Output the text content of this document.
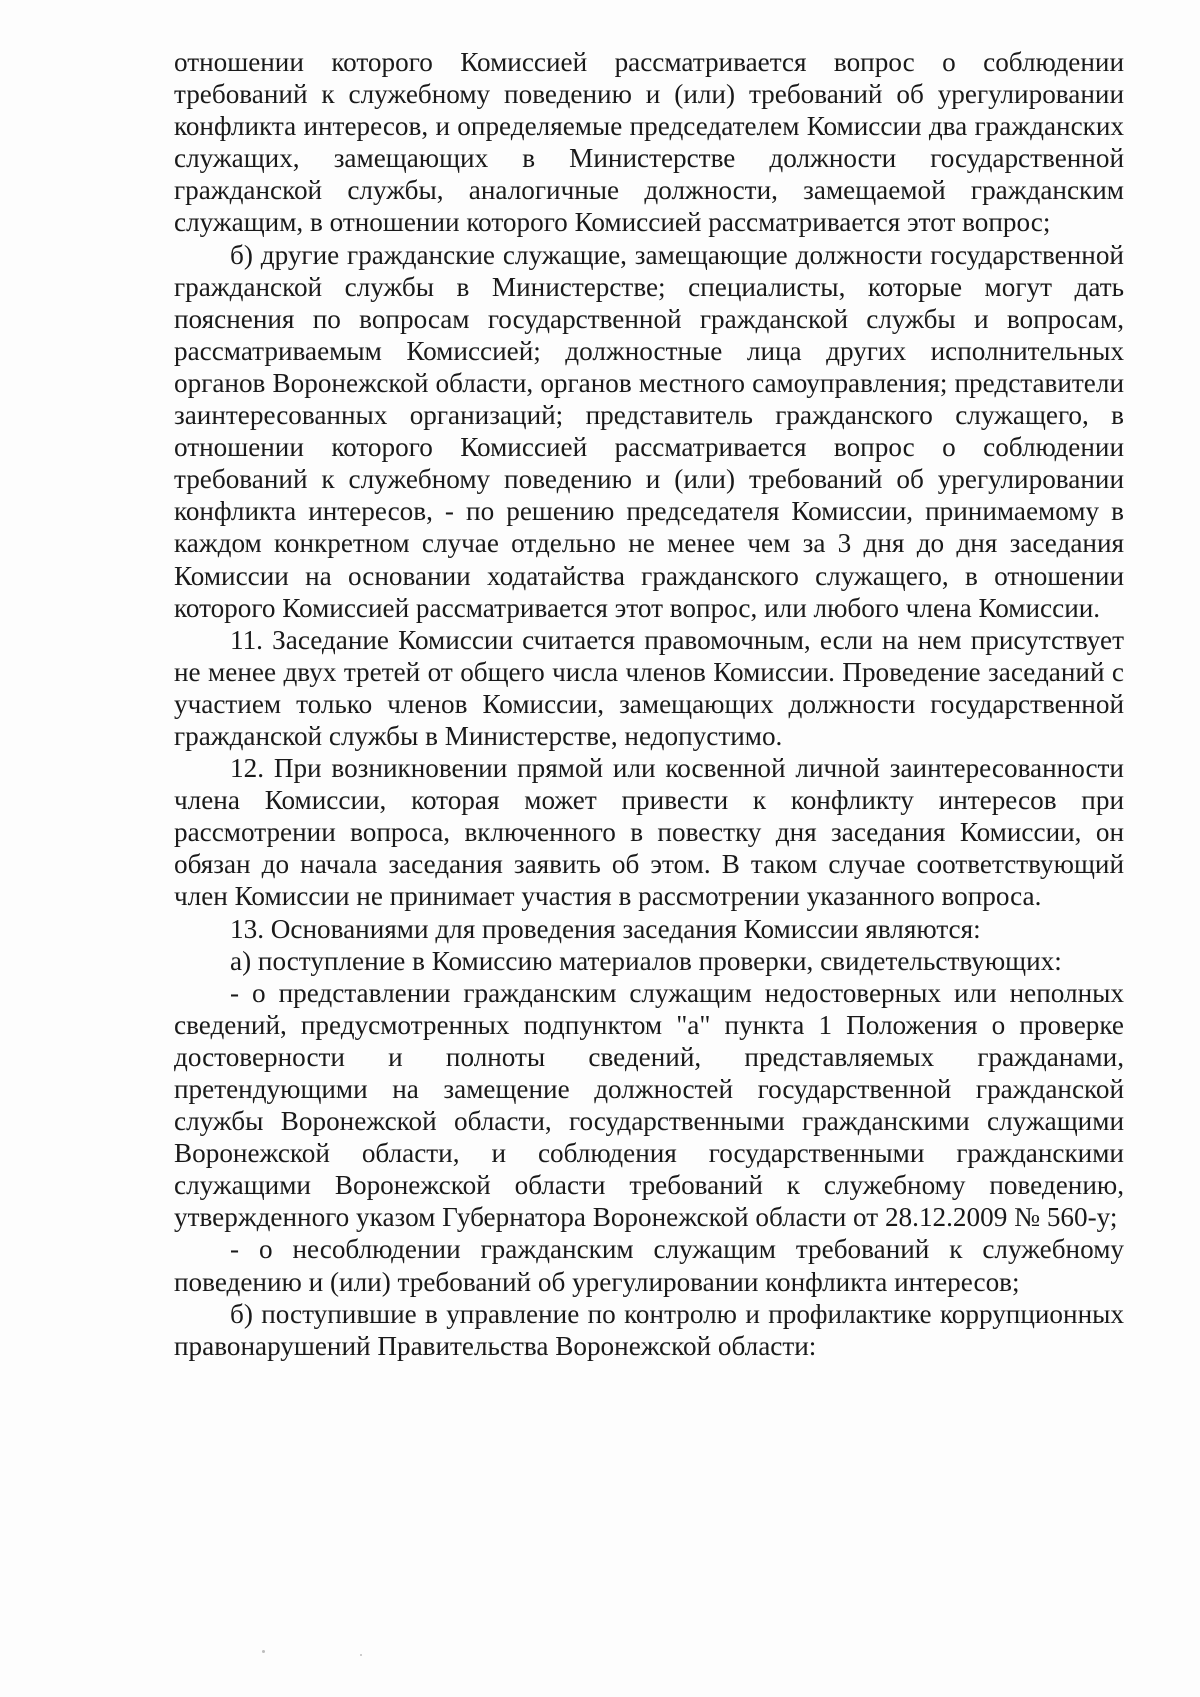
отношении которого Комиссией рассматривается вопрос о соблюдении требований к служебному поведению и (или) требований об урегулировании конфликта интересов, и определяемые председателем Комиссии два гражданских служащих, замещающих в Министерстве должности государственной гражданской службы, аналогичные должности, замещаемой гражданским служащим, в отношении которого Комиссией рассматривается этот вопрос;

б) другие гражданские служащие, замещающие должности государственной гражданской службы в Министерстве; специалисты, которые могут дать пояснения по вопросам государственной гражданской службы и вопросам, рассматриваемым Комиссией; должностные лица других исполнительных органов Воронежской области, органов местного самоуправления; представители заинтересованных организаций; представитель гражданского служащего, в отношении которого Комиссией рассматривается вопрос о соблюдении требований к служебному поведению и (или) требований об урегулировании конфликта интересов, - по решению председателя Комиссии, принимаемому в каждом конкретном случае отдельно не менее чем за 3 дня до дня заседания Комиссии на основании ходатайства гражданского служащего, в отношении которого Комиссией рассматривается этот вопрос, или любого члена Комиссии.

11. Заседание Комиссии считается правомочным, если на нем присутствует не менее двух третей от общего числа членов Комиссии. Проведение заседаний с участием только членов Комиссии, замещающих должности государственной гражданской службы в Министерстве, недопустимо.

12. При возникновении прямой или косвенной личной заинтересованности члена Комиссии, которая может привести к конфликту интересов при рассмотрении вопроса, включенного в повестку дня заседания Комиссии, он обязан до начала заседания заявить об этом. В таком случае соответствующий член Комиссии не принимает участия в рассмотрении указанного вопроса.

13. Основаниями для проведения заседания Комиссии являются:

а) поступление в Комиссию материалов проверки, свидетельствующих:

- о представлении гражданским служащим недостоверных или неполных сведений, предусмотренных подпунктом "а" пункта 1 Положения о проверке достоверности и полноты сведений, представляемых гражданами, претендующими на замещение должностей государственной гражданской службы Воронежской области, государственными гражданскими служащими Воронежской области, и соблюдения государственными гражданскими служащими Воронежской области требований к служебному поведению, утвержденного указом Губернатора Воронежской области от 28.12.2009 № 560-у;

- о несоблюдении гражданским служащим требований к служебному поведению и (или) требований об урегулировании конфликта интересов;

б) поступившие в управление по контролю и профилактике коррупционных правонарушений Правительства Воронежской области:
